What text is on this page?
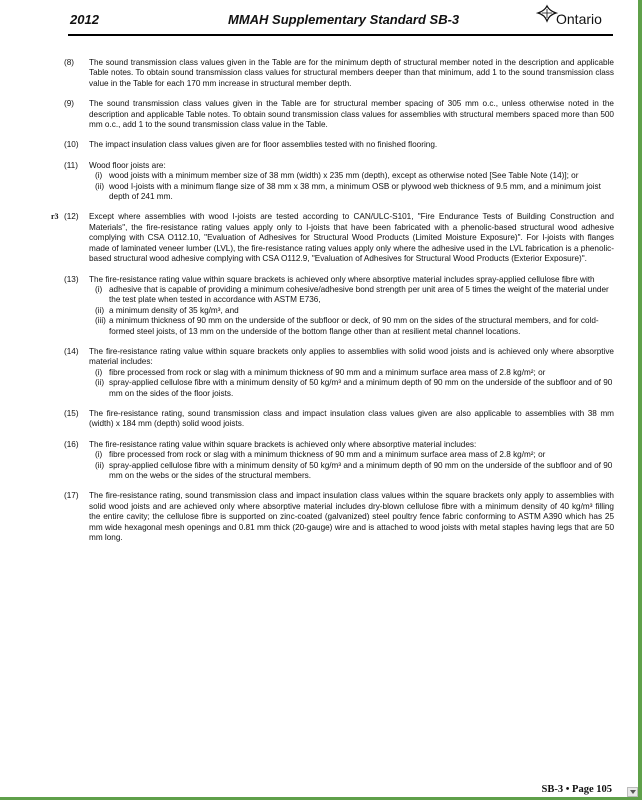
2012	MMAH Supplementary Standard SB-3	Ontario
(8)	The sound transmission class values given in the Table are for the minimum depth of structural member noted in the description and applicable Table notes. To obtain sound transmission class values for structural members deeper than that minimum, add 1 to the sound transmission class value in the Table for each 170 mm increase in structural member depth.
(9)	The sound transmission class values given in the Table are for structural member spacing of 305 mm o.c., unless otherwise noted in the description and applicable Table notes. To obtain sound transmission class values for assemblies with structural members spaced more than 500 mm o.c., add 1 to the sound transmission class value in the Table.
(10)	The impact insulation class values given are for floor assemblies tested with no finished flooring.
(11)	Wood floor joists are:
(i) wood joists with a minimum member size of 38 mm (width) x 235 mm (depth), except as otherwise noted [See Table Note (14)]; or
(ii) wood I-joists with a minimum flange size of 38 mm x 38 mm, a minimum OSB or plywood web thickness of 9.5 mm, and a minimum joist depth of 241 mm.
r3 (12)	Except where assemblies with wood I-joists are tested according to CAN/ULC-S101, "Fire Endurance Tests of Building Construction and Materials", the fire-resistance rating values apply only to I-joists that have been fabricated with a phenolic-based structural wood adhesive complying with CSA O112.10, "Evaluation of Adhesives for Structural Wood Products (Limited Moisture Exposure)". For I-joists with flanges made of laminated veneer lumber (LVL), the fire-resistance rating values apply only where the adhesive used in the LVL fabrication is a phenolic-based structural wood adhesive complying with CSA O112.9, "Evaluation of Adhesives for Structural Wood Products (Exterior Exposure)".
(13)	The fire-resistance rating value within square brackets is achieved only where absorptive material includes spray-applied cellulose fibre with
(i) adhesive that is capable of providing a minimum cohesive/adhesive bond strength per unit area of 5 times the weight of the material under the test plate when tested in accordance with ASTM E736,
(ii) a minimum density of 35 kg/m³, and
(iii) a minimum thickness of 90 mm on the underside of the subfloor or deck, of 90 mm on the sides of the structural members, and for cold-formed steel joists, of 13 mm on the underside of the bottom flange other than at resilient metal channel locations.
(14)	The fire-resistance rating value within square brackets only applies to assemblies with solid wood joists and is achieved only where absorptive material includes:
(i) fibre processed from rock or slag with a minimum thickness of 90 mm and a minimum surface area mass of 2.8 kg/m²; or
(ii) spray-applied cellulose fibre with a minimum density of 50 kg/m³ and a minimum depth of 90 mm on the underside of the subfloor and of 90 mm on the sides of the floor joists.
(15)	The fire-resistance rating, sound transmission class and impact insulation class values given are also applicable to assemblies with 38 mm (width) x 184 mm (depth) solid wood joists.
(16)	The fire-resistance rating value within square brackets is achieved only where absorptive material includes:
(i) fibre processed from rock or slag with a minimum thickness of 90 mm and a minimum surface area mass of 2.8 kg/m²; or
(ii) spray-applied cellulose fibre with a minimum density of 50 kg/m³ and a minimum depth of 90 mm on the underside of the subfloor and of 90 mm on the webs or the sides of the structural members.
(17)	The fire-resistance rating, sound transmission class and impact insulation class values within the square brackets only apply to assemblies with solid wood joists and are achieved only where absorptive material includes dry-blown cellulose fibre with a minimum density of 40 kg/m³ filling the entire cavity; the cellulose fibre is supported on zinc-coated (galvanized) steel poultry fence fabric conforming to ASTM A390 which has 25 mm wide hexagonal mesh openings and 0.81 mm thick (20-gauge) wire and is attached to wood joists with metal staples having legs that are 50 mm long.
SB-3 • Page 105
